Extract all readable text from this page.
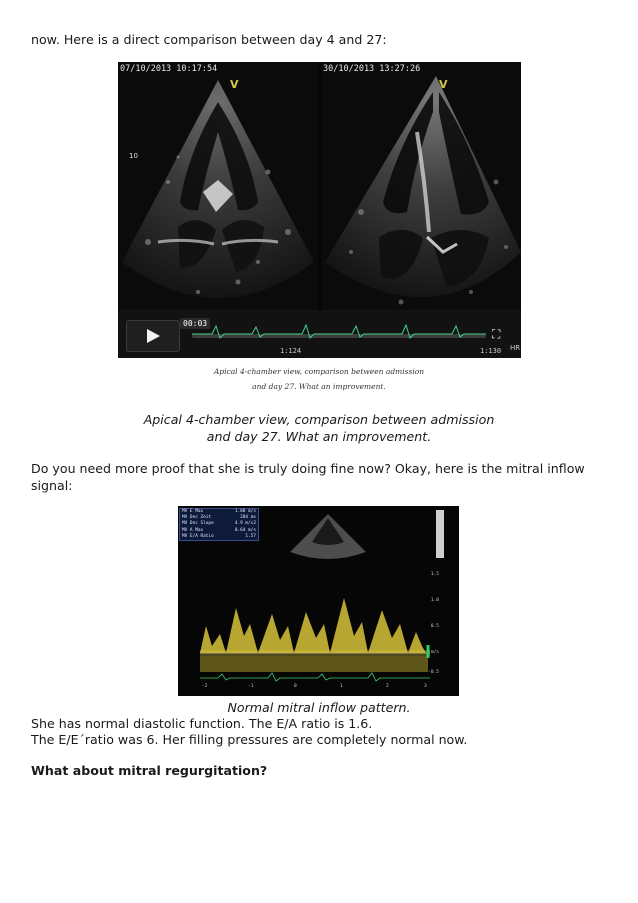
now. Here is a direct comparison between day 4 and 27:
07/10/2013 10:17:54
V
10
30/10/2013 13:27:26
V
00:03
⛶
1:124	1:130 HR
Apical 4-chamber view, comparison between admission
and day 27. What an improvement.
Apical 4-chamber view, comparison between admission
and day 27. What an improvement.
Do you need more proof that she is truly doing fine now? Okay, here is the mitral inflow
signal:
MV E Max	1.00 m/s
MV Dec Zeit	204 ms
MV Dec Slope	4.9 m/s2
MV A Max	0.64 m/s
MV E/A Ratio	1.57
1.5
1.0
0.5
m/s
-0.5
-2	-1	0	1	2	3
Normal mitral inflow pattern.
She has normal diastolic function. The E/A ratio is 1.6.
The E/E´ratio was 6. Her filling pressures are completely normal now.
What about mitral regurgitation?
